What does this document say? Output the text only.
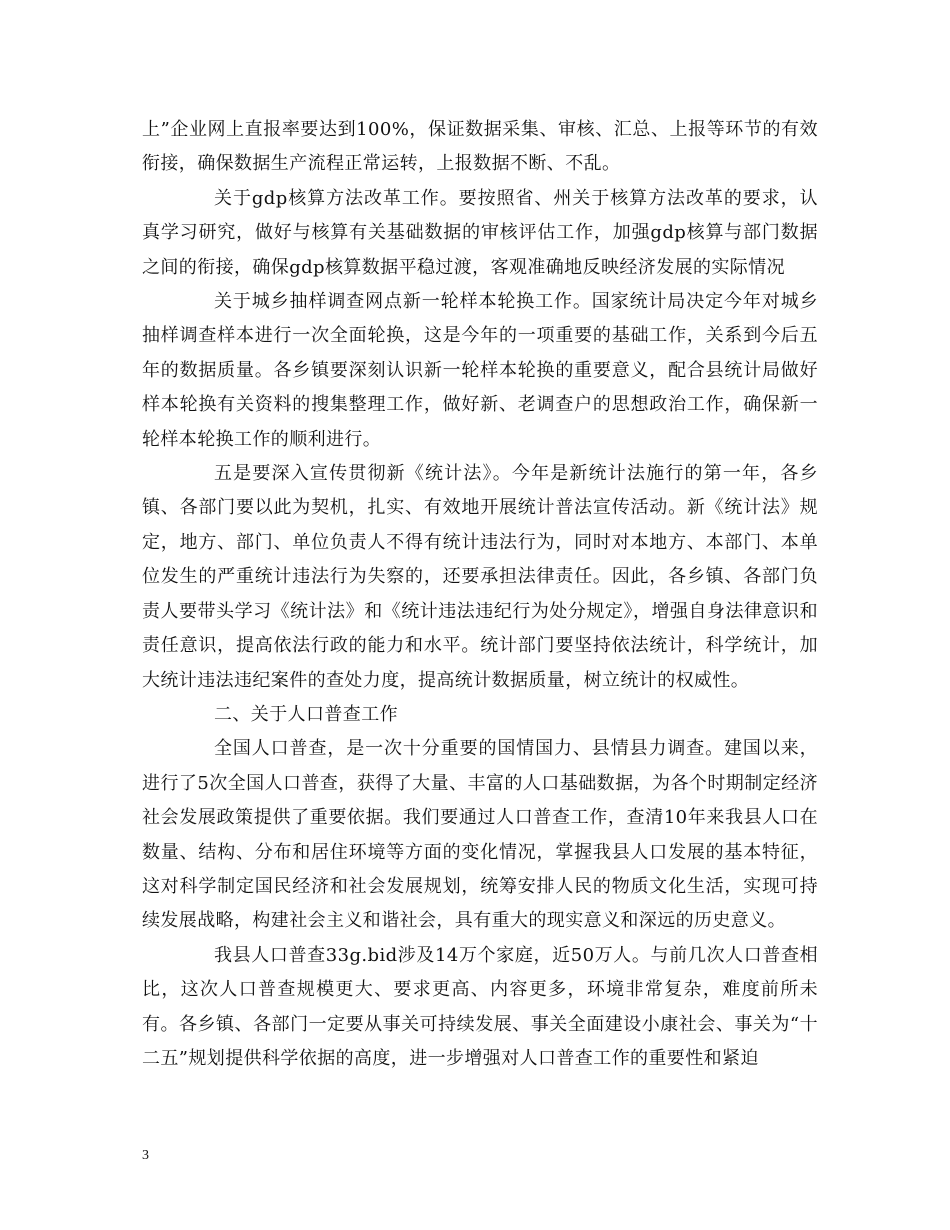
上”企业网上直报率要达到100%，保证数据采集、审核、汇总、上报等环节的有效衔接，确保数据生产流程正常运转，上报数据不断、不乱。

关于gdp核算方法改革工作。要按照省、州关于核算方法改革的要求，认真学习研究，做好与核算有关基础数据的审核评估工作，加强gdp核算与部门数据之间的衔接，确保gdp核算数据平稳过渡，客观准确地反映经济发展的实际情况

关于城乡抽样调查网点新一轮样本轮换工作。国家统计局决定今年对城乡抽样调查样本进行一次全面轮换，这是今年的一项重要的基础工作，关系到今后五年的数据质量。各乡镇要深刻认识新一轮样本轮换的重要意义，配合县统计局做好样本轮换有关资料的搜集整理工作，做好新、老调查户的思想政治工作，确保新一轮样本轮换工作的顺利进行。

五是要深入宣传贯彻新《统计法》。今年是新统计法施行的第一年，各乡镇、各部门要以此为契机，扎实、有效地开展统计普法宣传活动。新《统计法》规定，地方、部门、单位负责人不得有统计违法行为，同时对本地方、本部门、本单位发生的严重统计违法行为失察的，还要承担法律责任。因此，各乡镇、各部门负责人要带头学习《统计法》和《统计违法违纪行为处分规定》，增强自身法律意识和责任意识，提高依法行政的能力和水平。统计部门要坚持依法统计，科学统计，加大统计违法违纪案件的查处力度，提高统计数据质量，树立统计的权威性。

二、关于人口普查工作

全国人口普查，是一次十分重要的国情国力、县情县力调查。建国以来，进行了5次全国人口普查，获得了大量、丰富的人口基础数据，为各个时期制定经济社会发展政策提供了重要依据。我们要通过人口普查工作，查清10年来我县人口在数量、结构、分布和居住环境等方面的变化情况，掌握我县人口发展的基本特征，这对科学制定国民经济和社会发展规划，统筹安排人民的物质文化生活，实现可持续发展战略，构建社会主义和谐社会，具有重大的现实意义和深远的历史意义。

我县人口普查33g.bid涉及14万个家庭，近50万人。与前几次人口普查相比，这次人口普查规模更大、要求更高、内容更多，环境非常复杂，难度前所未有。各乡镇、各部门一定要从事关可持续发展、事关全面建设小康社会、事关为“十二五”规划提供科学依据的高度，进一步增强对人口普查工作的重要性和紧迫

3
